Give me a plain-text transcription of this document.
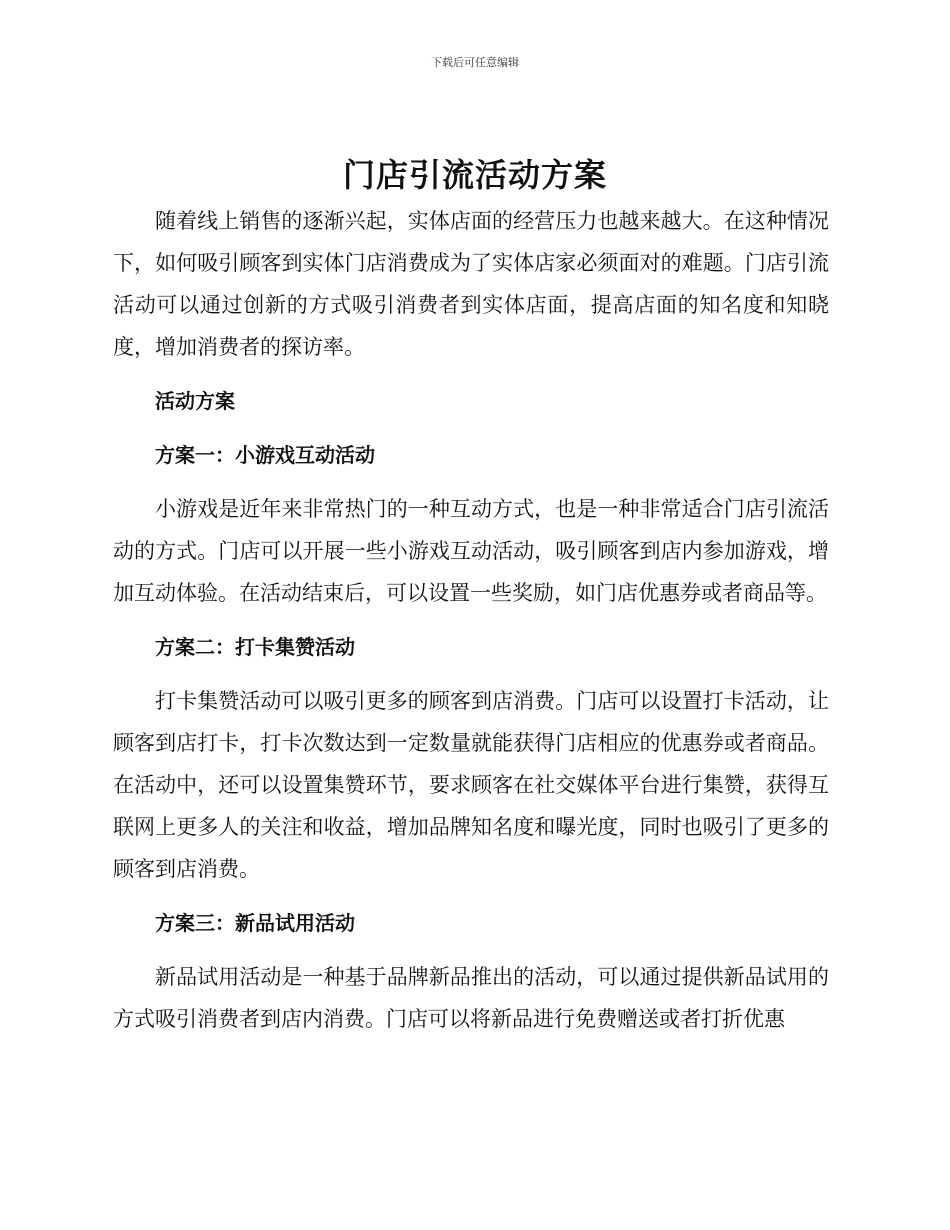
下载后可任意编辑
门店引流活动方案

随着线上销售的逐渐兴起，实体店面的经营压力也越来越大。在这种情况下，如何吸引顾客到实体门店消费成为了实体店家必须面对的难题。门店引流活动可以通过创新的方式吸引消费者到实体店面，提高店面的知名度和知晓度，增加消费者的探访率。

活动方案
方案一：小游戏互动活动

小游戏是近年来非常热门的一种互动方式，也是一种非常适合门店引流活动的方式。门店可以开展一些小游戏互动活动，吸引顾客到店内参加游戏，增加互动体验。在活动结束后，可以设置一些奖励，如门店优惠券或者商品等。

方案二：打卡集赞活动

打卡集赞活动可以吸引更多的顾客到店消费。门店可以设置打卡活动，让顾客到店打卡，打卡次数达到一定数量就能获得门店相应的优惠券或者商品。在活动中，还可以设置集赞环节，要求顾客在社交媒体平台进行集赞，获得互联网上更多人的关注和收益，增加品牌知名度和曝光度，同时也吸引了更多的顾客到店消费。

方案三：新品试用活动

新品试用活动是一种基于品牌新品推出的活动，可以通过提供新品试用的方式吸引消费者到店内消费。门店可以将新品进行免费赠送或者打折优惠
